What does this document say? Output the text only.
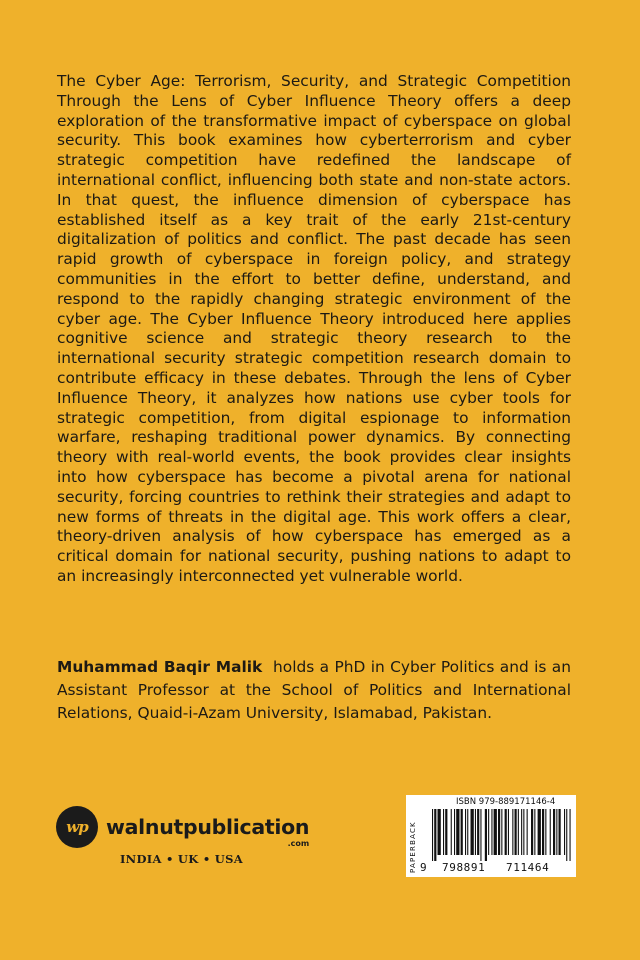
The Cyber Age: Terrorism, Security, and Strategic Competition Through the Lens of Cyber Influence Theory offers a deep exploration of the transformative impact of cyberspace on global security. This book examines how cyberterrorism and cyber strategic competition have redefined the landscape of international conflict, influencing both state and non-state actors. In that quest, the influence dimension of cyberspace has established itself as a key trait of the early 21st-century digitalization of politics and conflict. The past decade has seen rapid growth of cyberspace in foreign policy, and strategy communities in the effort to better define, understand, and respond to the rapidly changing strategic environment of the cyber age. The Cyber Influence Theory introduced here applies cognitive science and strategic theory research to the international security strategic competition research domain to contribute efficacy in these debates. Through the lens of Cyber Influence Theory, it analyzes how nations use cyber tools for strategic competition, from digital espionage to information warfare, reshaping traditional power dynamics. By connecting theory with real-world events, the book provides clear insights into how cyberspace has become a pivotal arena for national security, forcing countries to rethink their strategies and adapt to new forms of threats in the digital age. This work offers a clear, theory-driven analysis of how cyberspace has emerged as a critical domain for national security, pushing nations to adapt to an increasingly interconnected yet vulnerable world.

Muhammad Baqir Malik holds a PhD in Cyber Politics and is an Assistant Professor at the School of Politics and International Relations, Quaid-i-Azam University, Islamabad, Pakistan.

wp walnutpublication
.com
INDIA • UK • USA	PAPERBACK
ISBN 979-889171146-4
9 798891 711464
